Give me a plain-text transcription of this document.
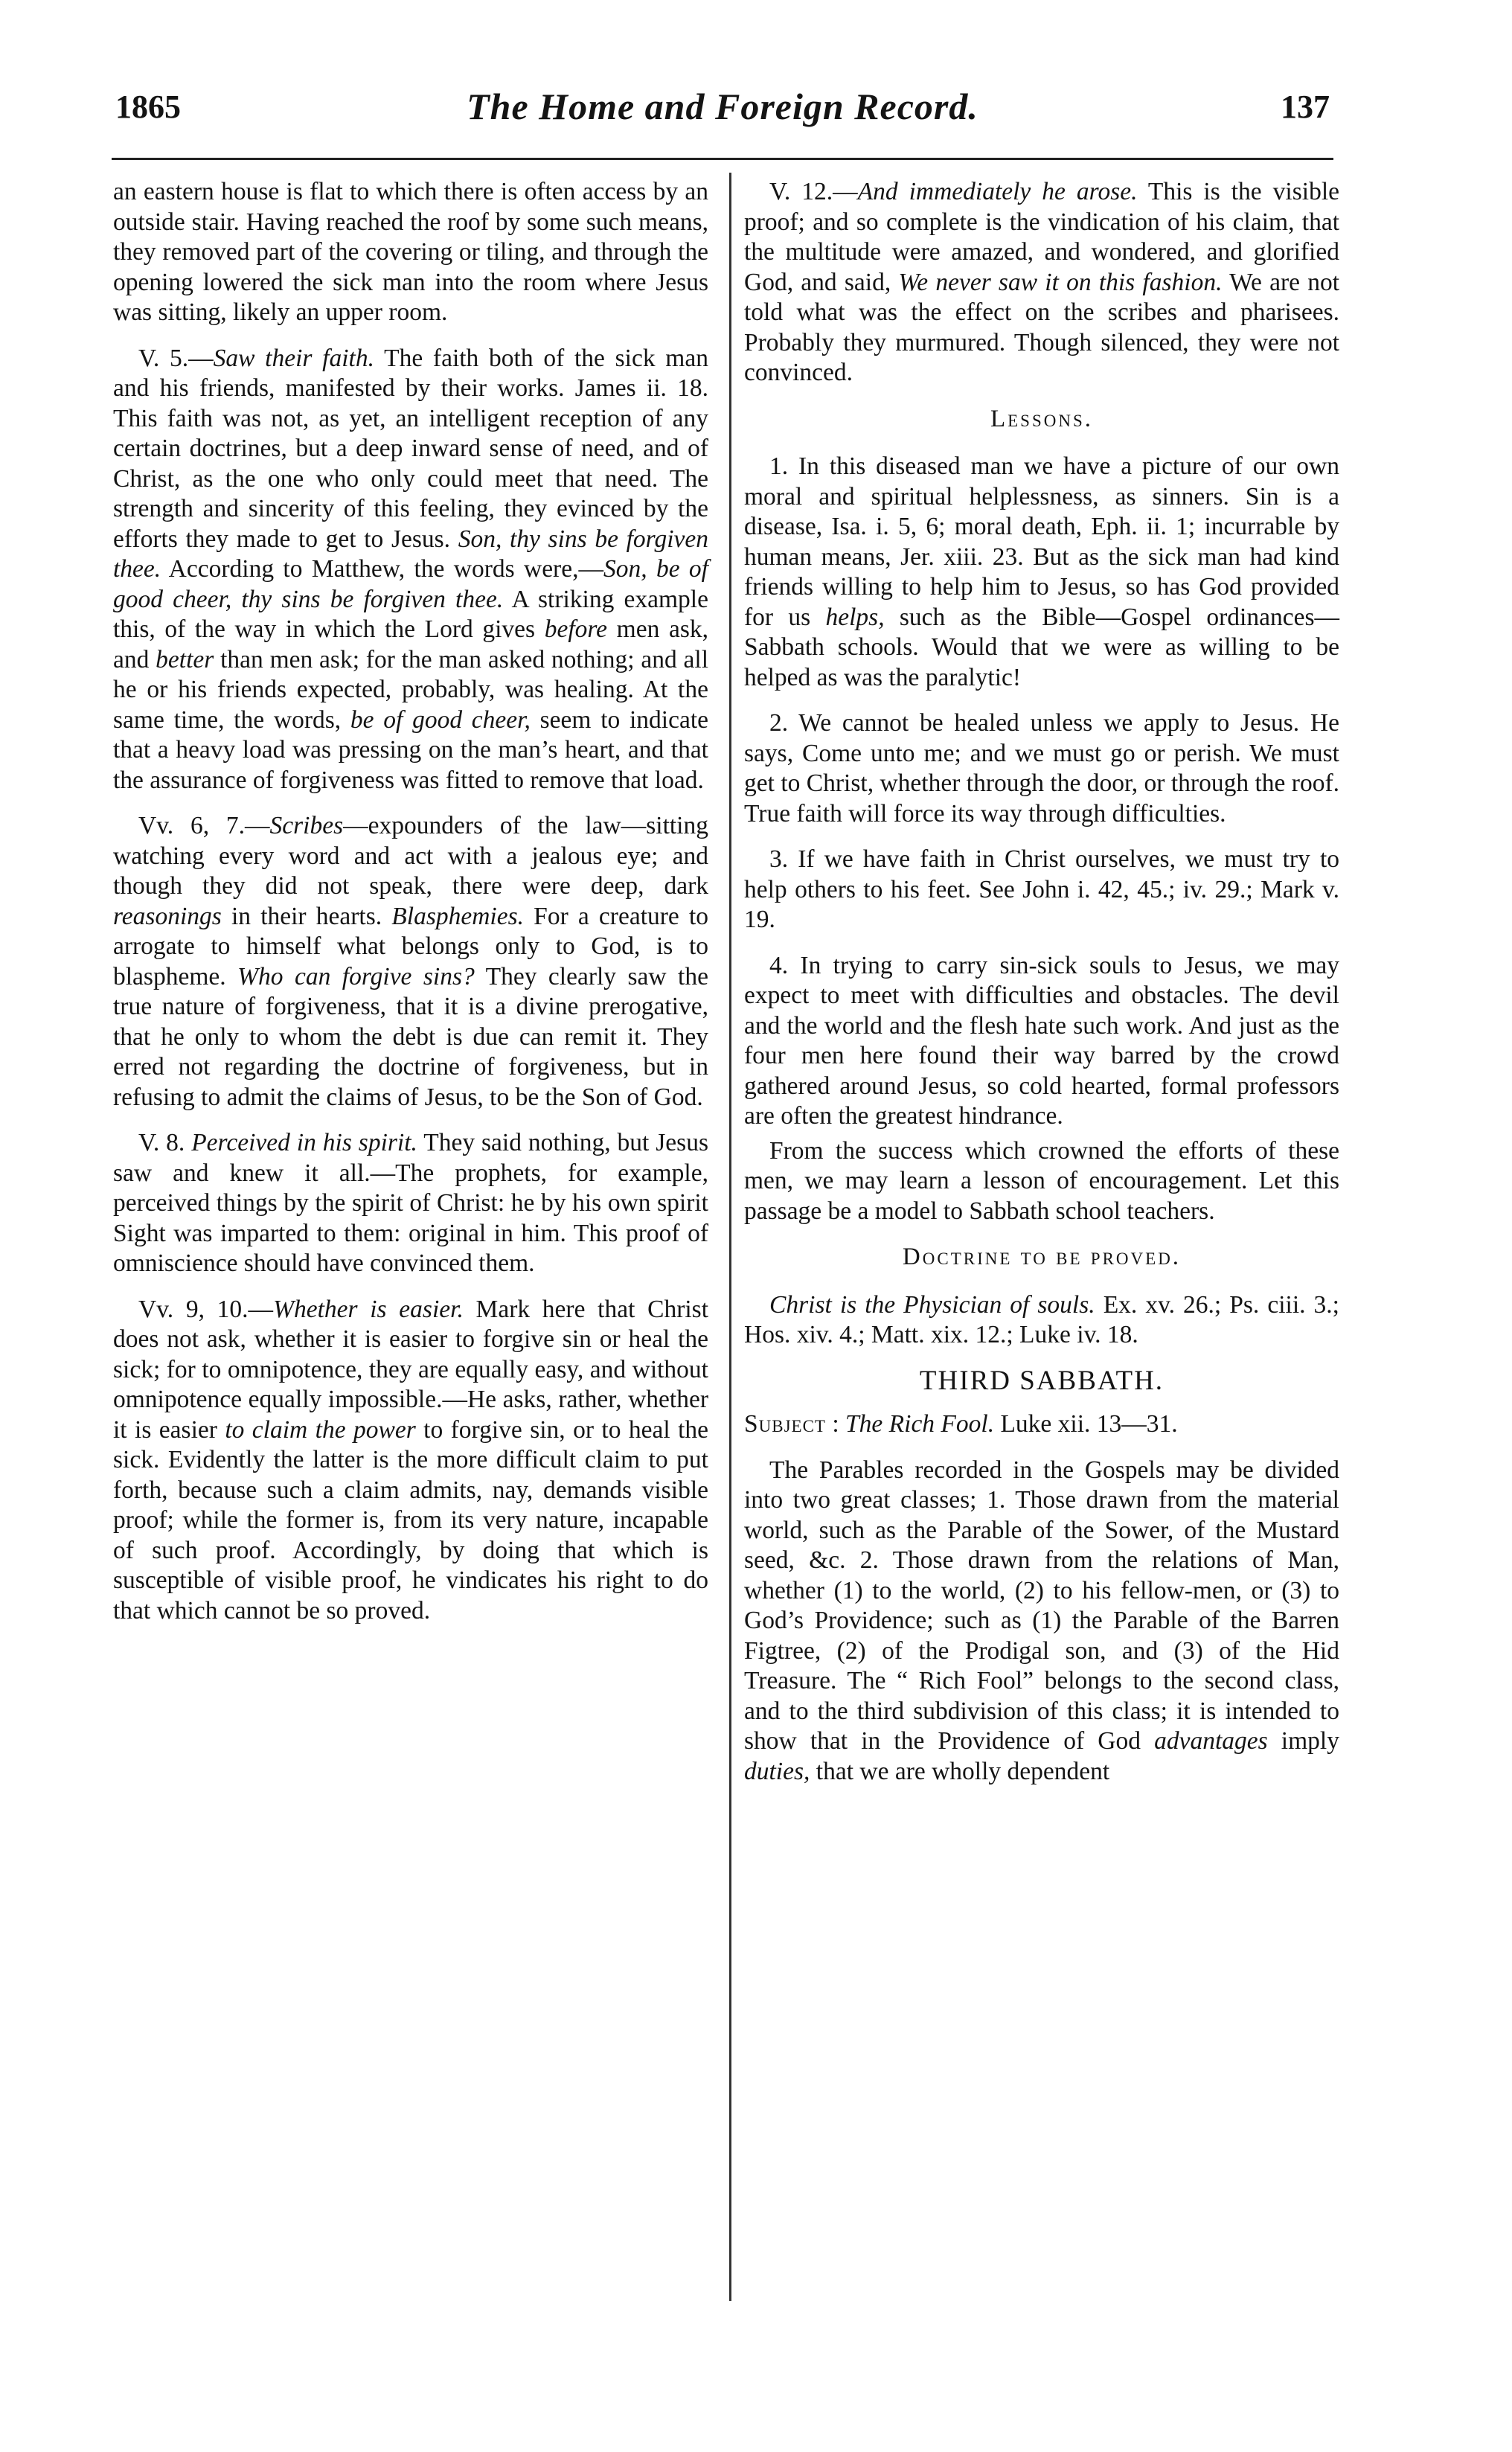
1865	The Home and Foreign Record.	137

an eastern house is flat to which there is often access by an outside stair. Having reached the roof by some such means, they removed part of the covering or tiling, and through the opening lowered the sick man into the room where Jesus was sitting, likely an upper room.

V. 5.—Saw their faith. The faith both of the sick man and his friends, manifested by their works. James ii. 18. This faith was not, as yet, an intelligent reception of any certain doctrines, but a deep inward sense of need, and of Christ, as the one who only could meet that need. The strength and sincerity of this feeling, they evinced by the efforts they made to get to Jesus. Son, thy sins be forgiven thee. According to Matthew, the words were,—Son, be of good cheer, thy sins be forgiven thee. A striking example this, of the way in which the Lord gives before men ask, and better than men ask; for the man asked nothing; and all he or his friends expected, probably, was healing. At the same time, the words, be of good cheer, seem to indicate that a heavy load was pressing on the man’s heart, and that the assurance of forgiveness was fitted to remove that load.

Vv. 6, 7.—Scribes—expounders of the law—sitting watching every word and act with a jealous eye; and though they did not speak, there were deep, dark reasonings in their hearts. Blasphemies. For a creature to arrogate to himself what belongs only to God, is to blaspheme. Who can forgive sins? They clearly saw the true nature of forgiveness, that it is a divine prerogative, that he only to whom the debt is due can remit it. They erred not regarding the doctrine of forgiveness, but in refusing to admit the claims of Jesus, to be the Son of God.

V. 8. Perceived in his spirit. They said nothing, but Jesus saw and knew it all.—The prophets, for example, perceived things by the spirit of Christ: he by his own spirit Sight was imparted to them: original in him. This proof of omniscience should have convinced them.

Vv. 9, 10.—Whether is easier. Mark here that Christ does not ask, whether it is easier to forgive sin or heal the sick; for to omnipotence, they are equally easy, and without omnipotence equally impossible.—He asks, rather, whether it is easier to claim the power to forgive sin, or to heal the sick. Evidently the latter is the more difficult claim to put forth, because such a claim admits, nay, demands visible proof; while the former is, from its very nature, incapable of such proof. Accordingly, by doing that which is susceptible of visible proof, he vindicates his right to do that which cannot be so proved.

V. 12.—And immediately he arose. This is the visible proof; and so complete is the vindication of his claim, that the multitude were amazed, and wondered, and glorified God, and said, We never saw it on this fashion. We are not told what was the effect on the scribes and pharisees. Probably they murmured. Though silenced, they were not convinced.

Lessons.

1. In this diseased man we have a picture of our own moral and spiritual helplessness, as sinners. Sin is a disease, Isa. i. 5, 6; moral death, Eph. ii. 1; incurrable by human means, Jer. xiii. 23. But as the sick man had kind friends willing to help him to Jesus, so has God provided for us helps, such as the Bible—Gospel ordinances—Sabbath schools. Would that we were as willing to be helped as was the paralytic!

2. We cannot be healed unless we apply to Jesus. He says, Come unto me; and we must go or perish. We must get to Christ, whether through the door, or through the roof. True faith will force its way through difficulties.

3. If we have faith in Christ ourselves, we must try to help others to his feet. See John i. 42, 45.; iv. 29.; Mark v. 19.

4. In trying to carry sin-sick souls to Jesus, we may expect to meet with difficulties and obstacles. The devil and the world and the flesh hate such work. And just as the four men here found their way barred by the crowd gathered around Jesus, so cold hearted, formal professors are often the greatest hindrance.

From the success which crowned the efforts of these men, we may learn a lesson of encouragement. Let this passage be a model to Sabbath school teachers.

Doctrine to be proved.

Christ is the Physician of souls. Ex. xv. 26.; Ps. ciii. 3.; Hos. xiv. 4.; Matt. xix. 12.; Luke iv. 18.

THIRD SABBATH.

Subject : The Rich Fool. Luke xii. 13—31.

The Parables recorded in the Gospels may be divided into two great classes; 1. Those drawn from the material world, such as the Parable of the Sower, of the Mustard seed, &c. 2. Those drawn from the relations of Man, whether (1) to the world, (2) to his fellow-men, or (3) to God’s Providence; such as (1) the Parable of the Barren Figtree, (2) of the Prodigal son, and (3) of the Hid Treasure. The “ Rich Fool” belongs to the second class, and to the third subdivision of this class; it is intended to show that in the Providence of God advantages imply duties, that we are wholly dependent
